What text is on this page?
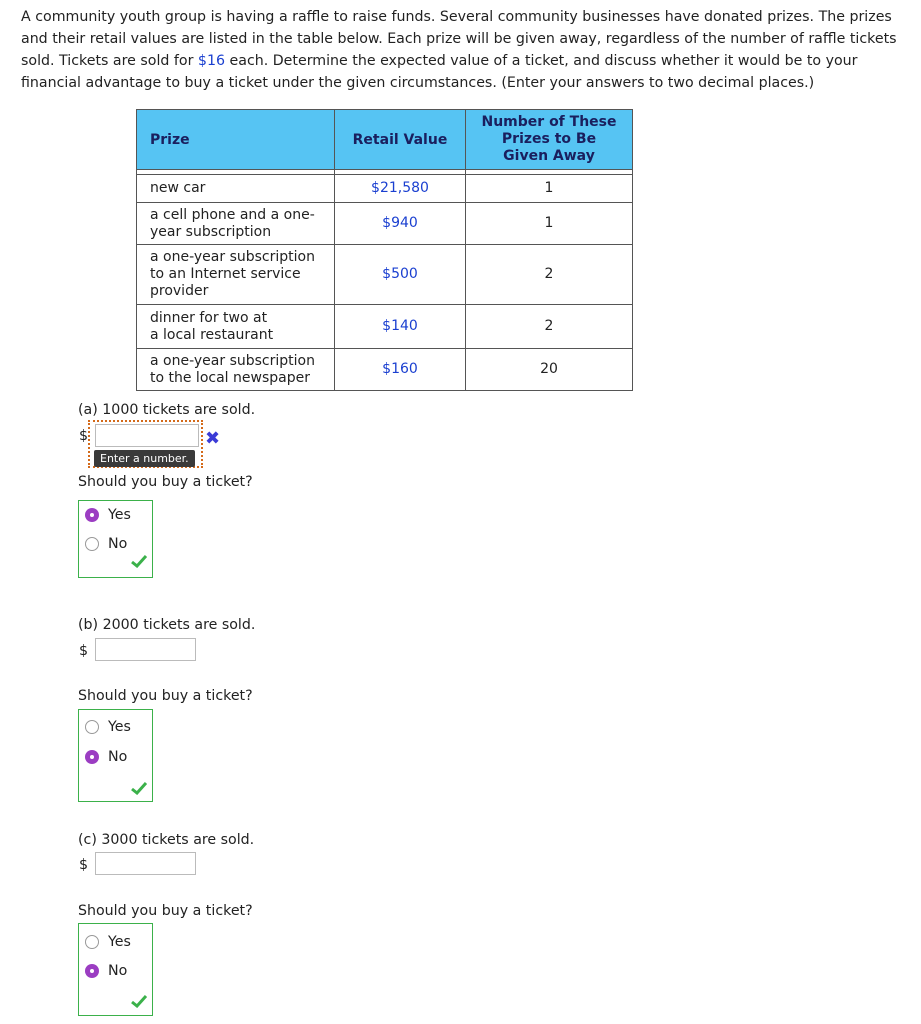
A community youth group is having a raffle to raise funds. Several community businesses have donated prizes. The prizes and their retail values are listed in the table below. Each prize will be given away, regardless of the number of raffle tickets sold. Tickets are sold for $16 each. Determine the expected value of a ticket, and discuss whether it would be to your financial advantage to buy a ticket under the given circumstances. (Enter your answers to two decimal places.)

Prize	Retail Value	Number of These
Prizes to Be
Given Away

new car	$21,580	1
a cell phone and a one-
year subscription	$940	1
a one-year subscription
to an Internet service
provider	$500	2
dinner for two at
a local restaurant	$140	2
a one-year subscription
to the local newspaper	$160	20
(a) 1000 tickets are sold.
$	✖
Enter a number.
Should you buy a ticket?
Yes
No
(b) 2000 tickets are sold.
$
Should you buy a ticket?
Yes
No
(c) 3000 tickets are sold.
$
Should you buy a ticket?
Yes
No
